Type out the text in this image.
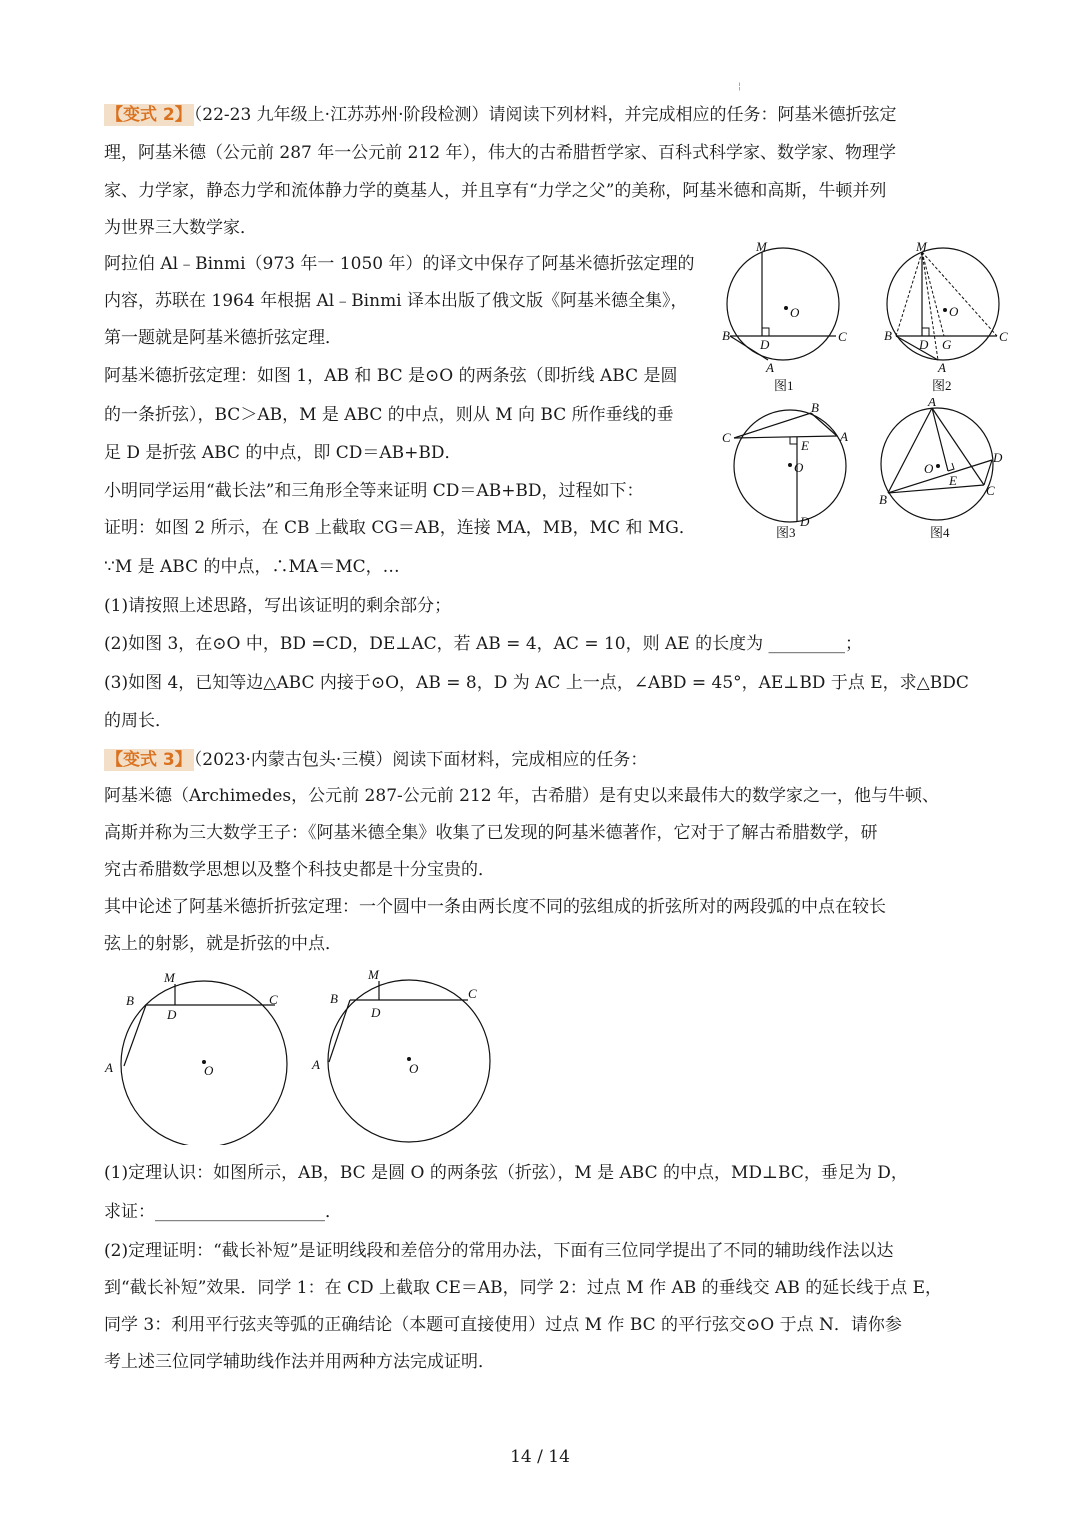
¦
【变式 2】 （22-23 九年级上·江苏苏州·阶段检测）请阅读下列材料，并完成相应的任务：阿基米德折弦定
理，阿基米德（公元前 287 年一公元前 212 年），伟大的古希腊哲学家、百科式科学家、数学家、物理学
家、力学家，静态力学和流体静力学的奠基人，并且享有“力学之父”的美称，阿基米德和高斯，牛顿并列
为世界三大数学家．
阿拉伯 Al﹣Binmi（973 年一 1050 年）的译文中保存了阿基米德折弦定理的
内容，苏联在 1964 年根据 Al﹣Binmi 译本出版了俄文版《阿基米德全集》，
第一题就是阿基米德折弦定理．
阿基米德折弦定理：如图 1，AB 和 BC 是⊙O 的两条弦（即折线 ABC 是圆
的一条折弦），BC＞AB，M 是 ABC 的中点，则从 M 向 BC 所作垂线的垂
足 D 是折弦 ABC 的中点，即 CD＝AB+BD．
小明同学运用“截长法”和三角形全等来证明 CD＝AB+BD，过程如下：
证明：如图 2 所示，在 CB 上截取 CG＝AB，连接 MA，MB，MC 和 MG．
∵M 是 ABC 的中点，∴MA＝MC，…
(1)请按照上述思路，写出该证明的剩余部分；
(2)如图 3，在⊙O 中，BD =CD，DE⊥AC，若 AB = 4，AC = 10，则 AE 的长度为 _________；
(3)如图 4，已知等边△ABC 内接于⊙O，AB = 8，D 为 AC 上一点，∠ABD = 45°，AE⊥BD 于点 E，求△BDC
的周长．
M
O
B
D
C
A
图1
M
O
B
D G
C
A
图2
B
C
E
A
O
D
图3
A
O
D
E
B
C
图4
【变式 3】 （2023·内蒙古包头·三模）阅读下面材料，完成相应的任务：
阿基米德（Archimedes，公元前 287-公元前 212 年，古希腊）是有史以来最伟大的数学家之一，他与牛顿、
高斯并称为三大数学王子：《阿基米德全集》收集了已发现的阿基米德著作，它对于了解古希腊数学，研
究古希腊数学思想以及整个科技史都是十分宝贵的．
其中论述了阿基米德折折弦定理：一个圆中一条由两长度不同的弦组成的折弦所对的两段弧的中点在较长
弦上的射影，就是折弦的中点．
M
B	C
D
A	O
M
B	C
D
A	O
(1)定理认识：如图所示，AB，BC 是圆 O 的两条弦（折弦），M 是 ABC 的中点，MD⊥BC，垂足为 D，
求证：____________________．
(2)定理证明：“截长补短”是证明线段和差倍分的常用办法，下面有三位同学提出了不同的辅助线作法以达
到“截长补短”效果．同学 1：在 CD 上截取 CE＝AB，同学 2：过点 M 作 AB 的垂线交 AB 的延长线于点 E，
同学 3：利用平行弦夹等弧的正确结论（本题可直接使用）过点 M 作 BC 的平行弦交⊙O 于点 N．请你参
考上述三位同学辅助线作法并用两种方法完成证明．
14 / 14
